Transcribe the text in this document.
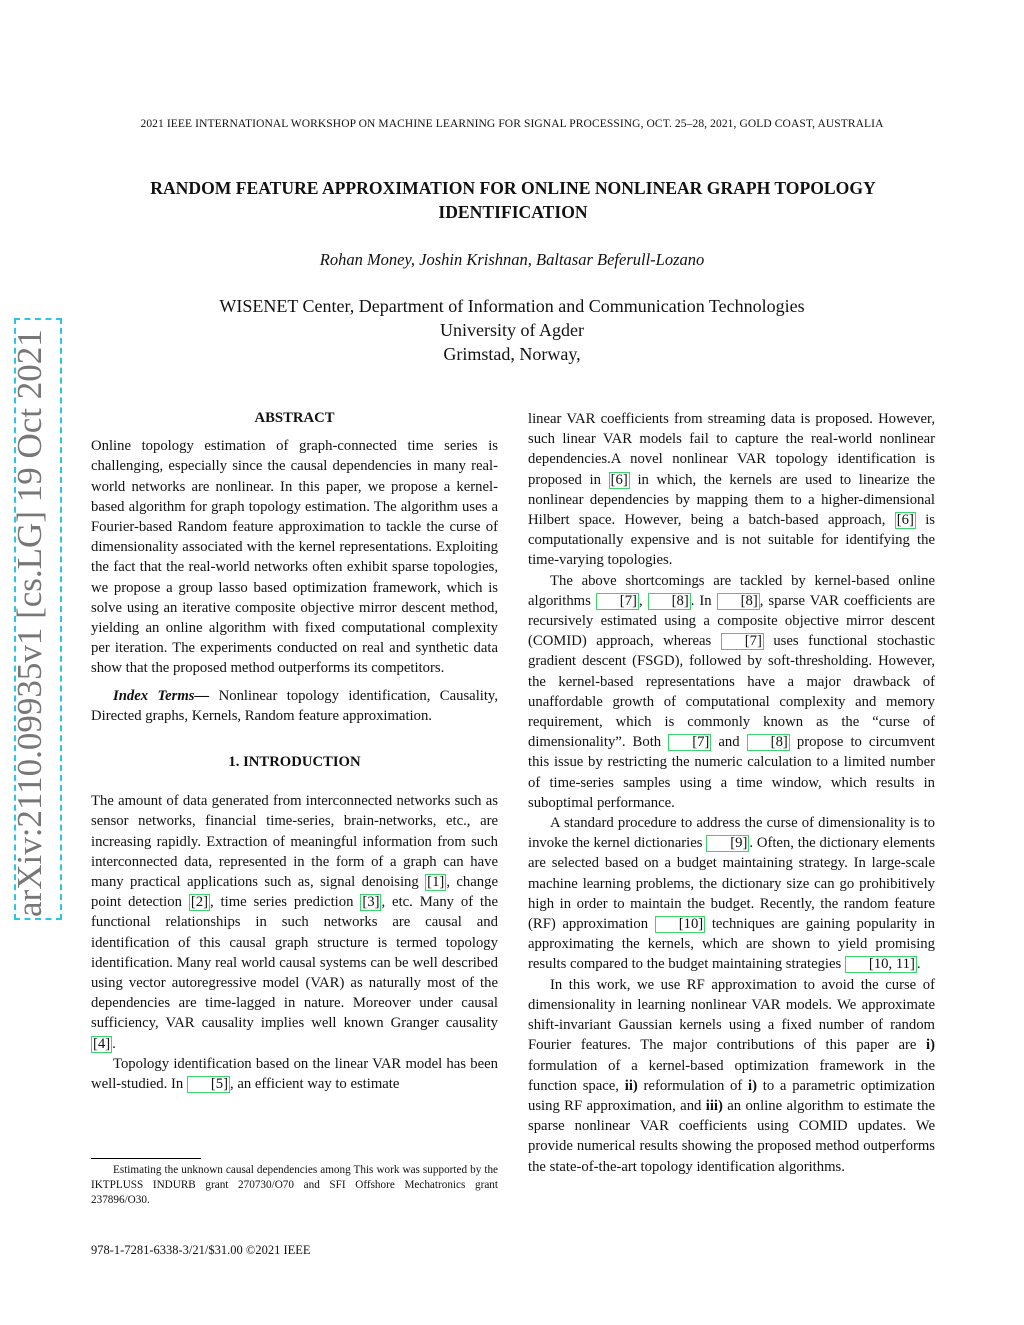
2021 IEEE INTERNATIONAL WORKSHOP ON MACHINE LEARNING FOR SIGNAL PROCESSING, OCT. 25–28, 2021, GOLD COAST, AUSTRALIA
RANDOM FEATURE APPROXIMATION FOR ONLINE NONLINEAR GRAPH TOPOLOGY IDENTIFICATION
Rohan Money, Joshin Krishnan, Baltasar Beferull-Lozano
WISENET Center, Department of Information and Communication Technologies
University of Agder
Grimstad, Norway,
arXiv:2110.09935v1 [cs.LG] 19 Oct 2021	ABSTRACT

Online topology estimation of graph-connected time series is challenging, especially since the causal dependencies in many real-world networks are nonlinear. In this paper, we propose a kernel-based algorithm for graph topology estimation. The algorithm uses a Fourier-based Random feature approximation to tackle the curse of dimensionality associated with the kernel representations. Exploiting the fact that the real-world networks often exhibit sparse topologies, we propose a group lasso based optimization framework, which is solve using an iterative composite objective mirror descent method, yielding an online algorithm with fixed computational complexity per iteration. The experiments conducted on real and synthetic data show that the proposed method outperforms its competitors.

Index Terms— Nonlinear topology identification, Causality, Directed graphs, Kernels, Random feature approximation.

1. INTRODUCTION

The amount of data generated from interconnected networks such as sensor networks, financial time-series, brain-networks, etc., are increasing rapidly. Extraction of meaningful information from such interconnected data, represented in the form of a graph can have many practical applications such as, signal denoising [1] , change point detection [2] , time series prediction [3] , etc. Many of the functional relationships in such networks are causal and identification of this causal graph structure is termed topology identification. Many real world causal systems can be well described using vector autoregressive model (VAR) as naturally most of the dependencies are time-lagged in nature. Moreover under causal sufficiency, VAR causality implies well known Granger causality [4] .

Topology identification based on the linear VAR model has been well-studied. In [5] , an efficient way to estimate

Estimating the unknown causal dependencies among This work was supported by the IKTPLUSS INDURB grant 270730/O70 and SFI Offshore Mechatronics grant 237896/O30.
978-1-7281-6338-3/21/$31.00 ©2021 IEEE

linear VAR coefficients from streaming data is proposed. However, such linear VAR models fail to capture the real-world nonlinear dependencies.A novel nonlinear VAR topology identification is proposed in [6] in which, the kernels are used to linearize the nonlinear dependencies by mapping them to a higher-dimensional Hilbert space. However, being a batch-based approach, [6] is computationally expensive and is not suitable for identifying the time-varying topologies.

The above shortcomings are tackled by kernel-based online algorithms [7] , [8] . In [8] , sparse VAR coefficients are recursively estimated using a composite objective mirror descent (COMID) approach, whereas [7] uses functional stochastic gradient descent (FSGD), followed by soft-thresholding. However, the kernel-based representations have a major drawback of unaffordable growth of computational complexity and memory requirement, which is commonly known as the “curse of dimensionality”. Both [7] and [8] propose to circumvent this issue by restricting the numeric calculation to a limited number of time-series samples using a time window, which results in suboptimal performance.

A standard procedure to address the curse of dimensionality is to invoke the kernel dictionaries [9] . Often, the dictionary elements are selected based on a budget maintaining strategy. In large-scale machine learning problems, the dictionary size can go prohibitively high in order to maintain the budget. Recently, the random feature (RF) approximation [10] techniques are gaining popularity in approximating the kernels, which are shown to yield promising results compared to the budget maintaining strategies [10, 11] .

In this work, we use RF approximation to avoid the curse of dimensionality in learning nonlinear VAR models. We approximate shift-invariant Gaussian kernels using a fixed number of random Fourier features. The major contributions of this paper are i) formulation of a kernel-based optimization framework in the function space, ii) reformulation of i) to a parametric optimization using RF approximation, and iii) an online algorithm to estimate the sparse nonlinear VAR coefficients using COMID updates. We provide numerical results showing the proposed method outperforms the state-of-the-art topology identification algorithms.
